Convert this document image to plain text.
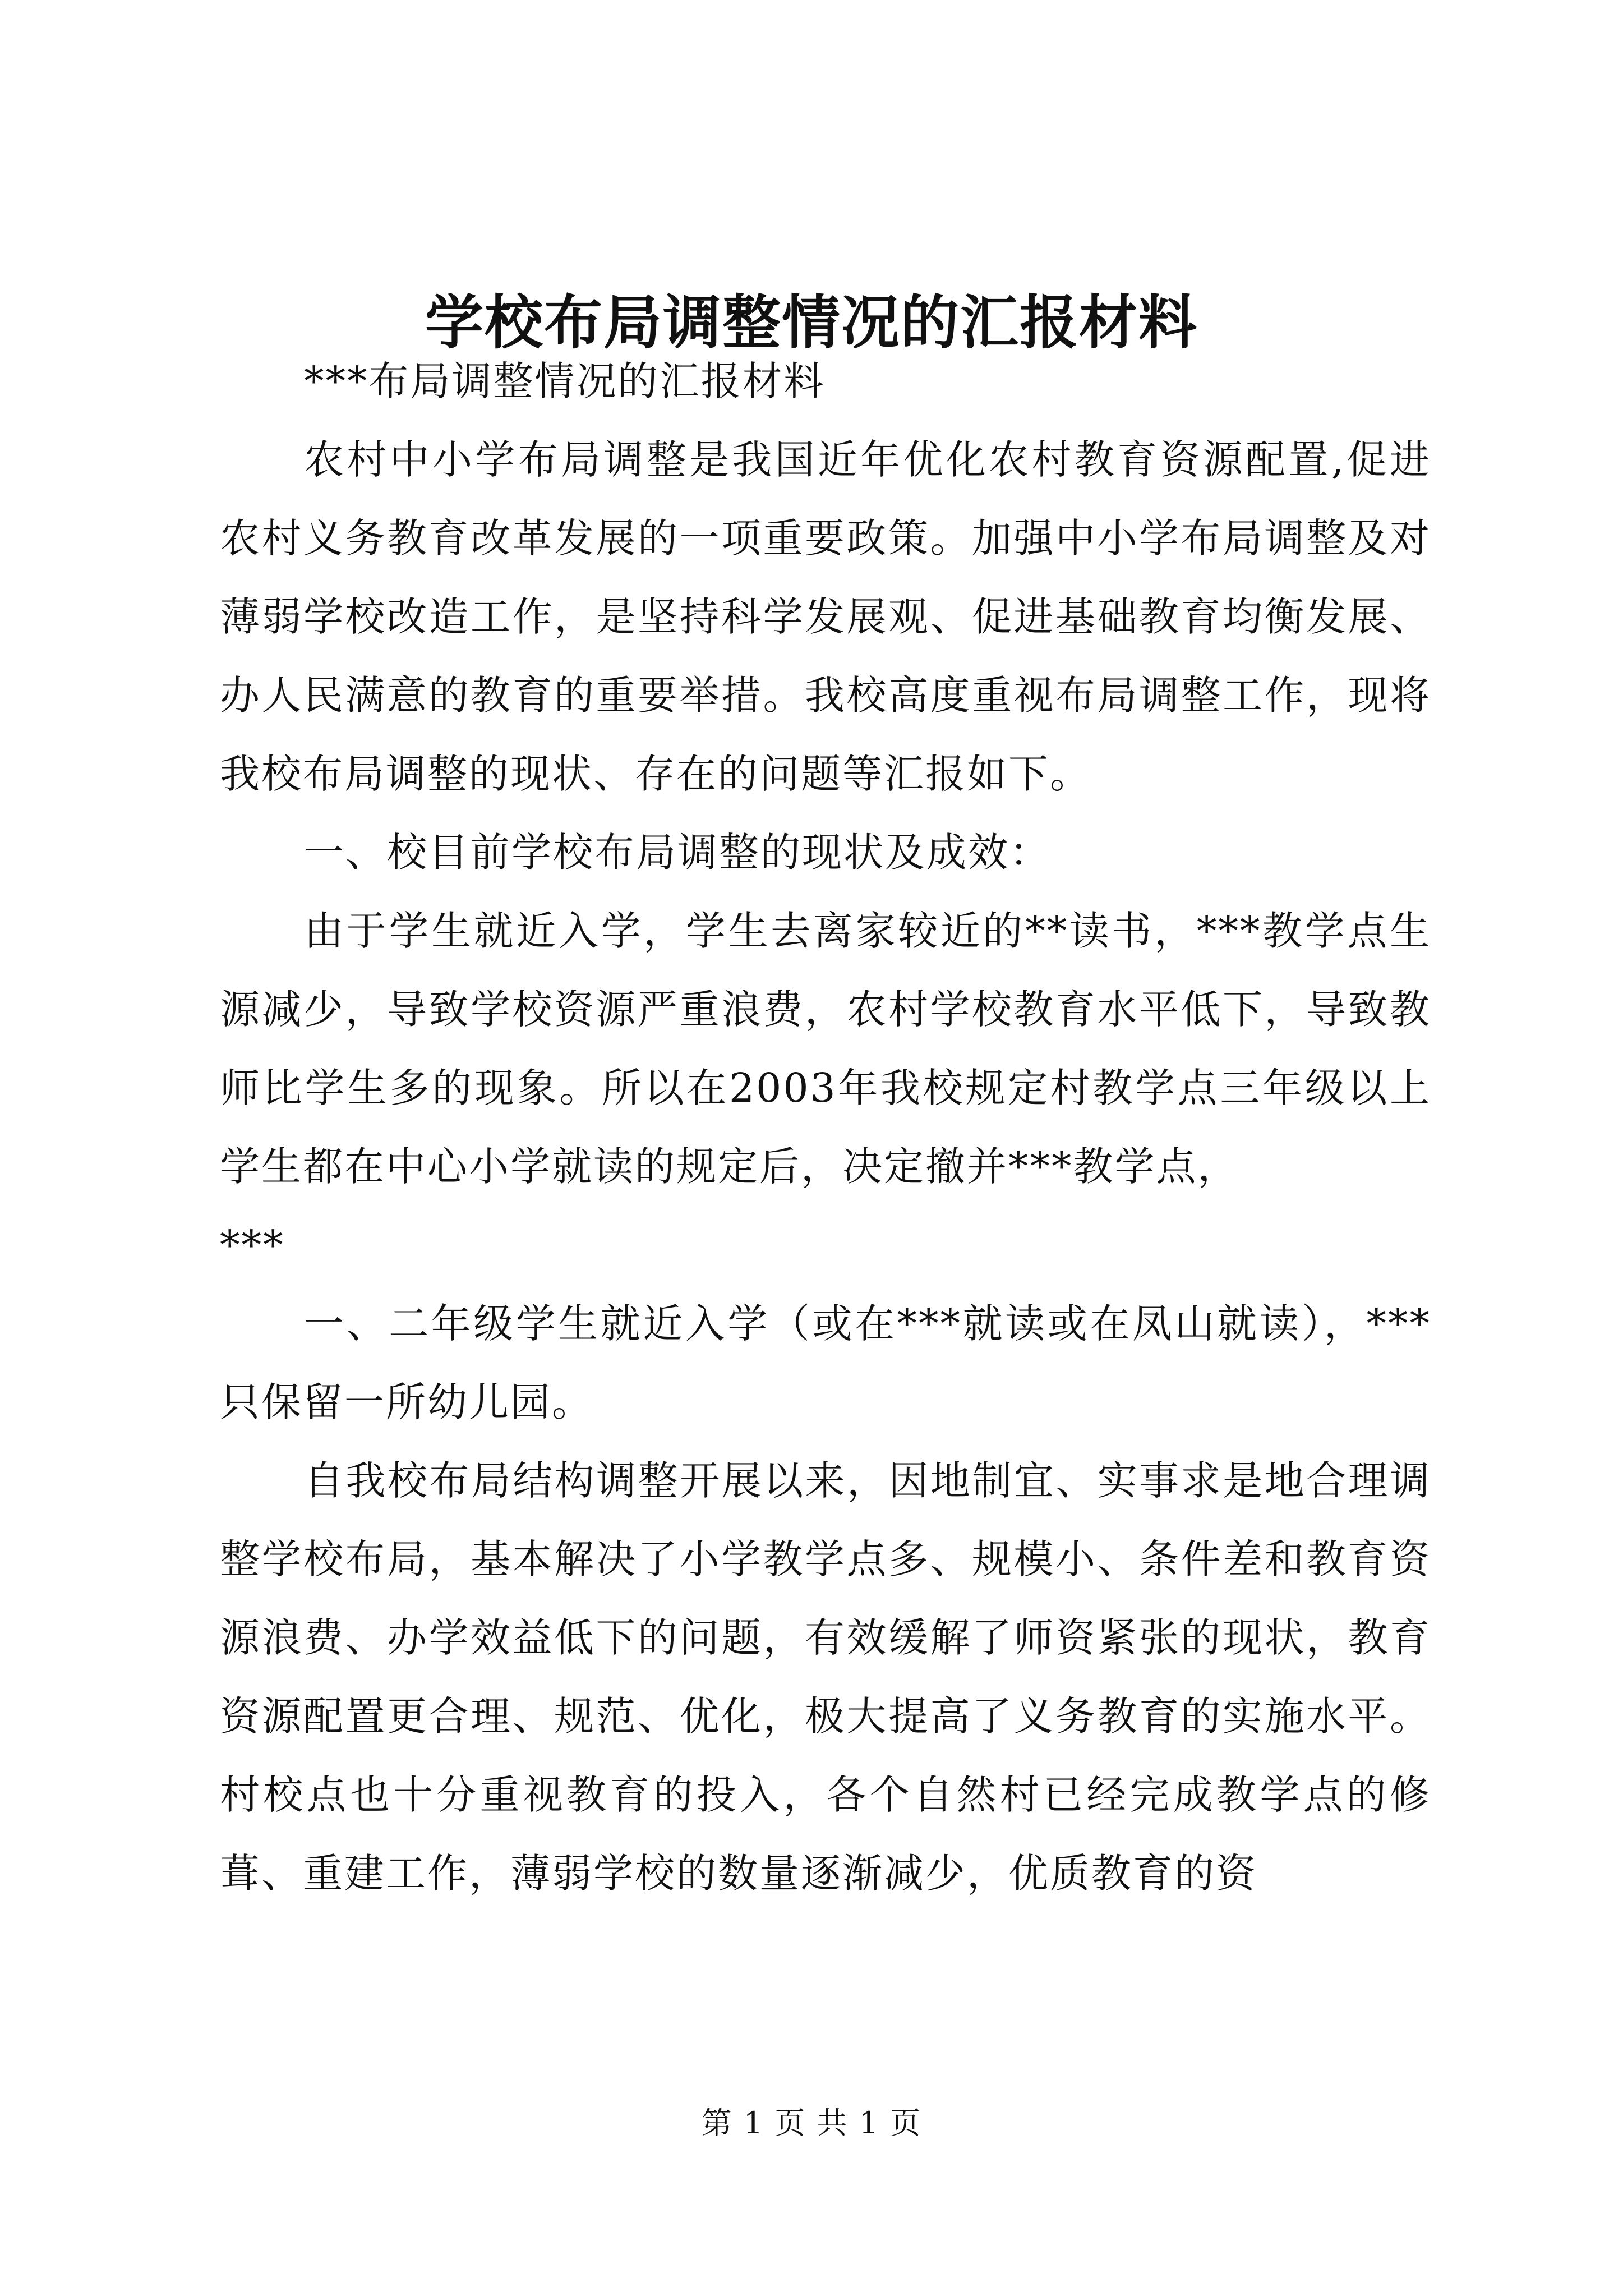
学校布局调整情况的汇报材料

***布局调整情况的汇报材料

农村中小学布局调整是我国近年优化农村教育资源配置,促进农村义务教育改革发展的一项重要政策。加强中小学布局调整及对薄弱学校改造工作，是坚持科学发展观、促进基础教育均衡发展、办人民满意的教育的重要举措。我校高度重视布局调整工作，现将我校布局调整的现状、存在的问题等汇报如下。

一、校目前学校布局调整的现状及成效：

由于学生就近入学，学生去离家较近的**读书，***教学点生源减少，导致学校资源严重浪费，农村学校教育水平低下，导致教师比学生多的现象。所以在2003年我校规定村教学点三年级以上学生都在中心小学就读的规定后，决定撤并***教学点，

***

一、二年级学生就近入学（或在***就读或在凤山就读），***只保留一所幼儿园。

自我校布局结构调整开展以来，因地制宜、实事求是地合理调整学校布局，基本解决了小学教学点多、规模小、条件差和教育资源浪费、办学效益低下的问题，有效缓解了师资紧张的现状，教育资源配置更合理、规范、优化，极大提高了义务教育的实施水平。村校点也十分重视教育的投入，各个自然村已经完成教学点的修葺、重建工作，薄弱学校的数量逐渐减少，优质教育的资

第 1 页 共 1 页
